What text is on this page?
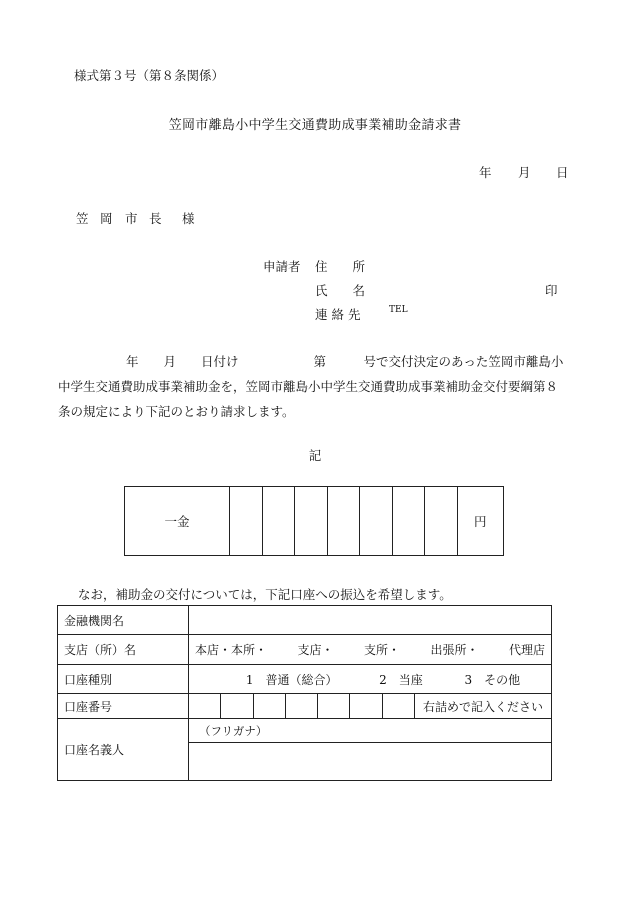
様式第３号（第８条関係）
笠岡市離島小中学生交通費助成事業補助金請求書
年 月 日
笠 岡 市 長 様
申請者 住　　所
氏　　名	印
連 絡 先	TEL
年　　月　　日付け　　　　　　第　　　号で交付決定のあった笠岡市離島小
中学生交通費助成事業補助金を，笠岡市離島小中学生交通費助成事業補助金交付要綱第８
条の規定により下記のとおり請求します。
記
一金	円
なお，補助金の交付については，下記口座への振込を希望します。
金融機関名	
支店（所）名	本店・本所・ 支店・ 支所・ 出張所・ 代理店

口座種別	1　普通（総合） 2　当座 3　その他

口座番号	右詰めで記入ください

口座名義人	（フリガナ）
